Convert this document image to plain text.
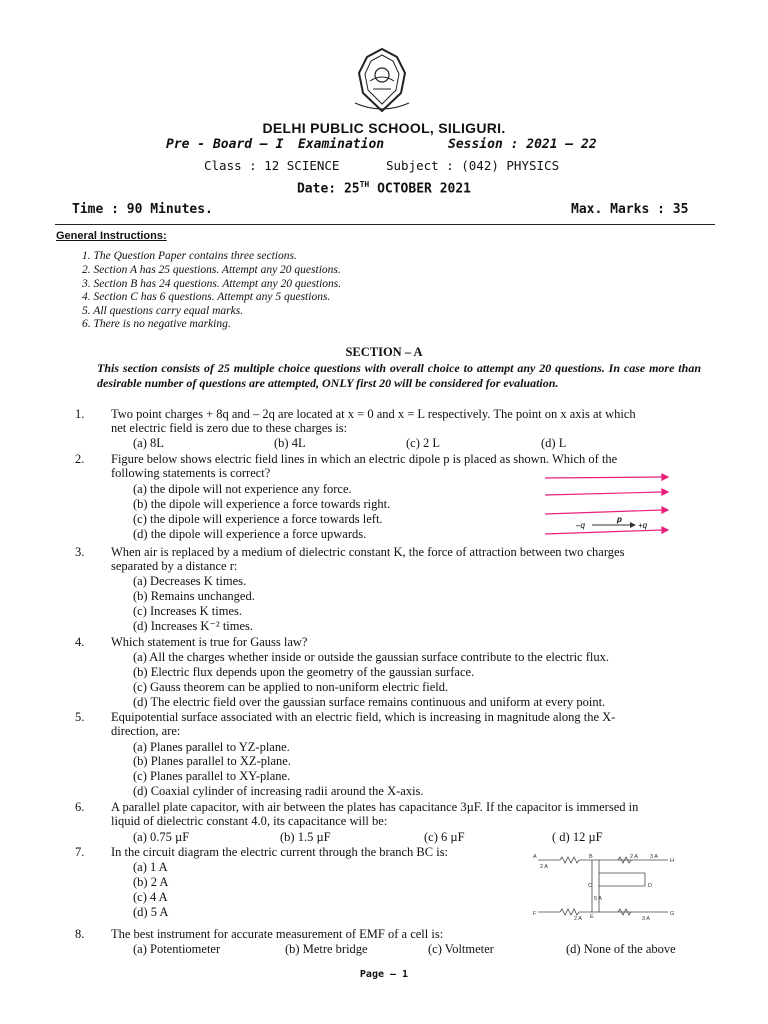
DELHI PUBLIC SCHOOL, SILIGURI.
Pre - Board – I Examination	Session : 2021 – 22
Class : 12 SCIENCE	Subject : (042) PHYSICS
Date: 25TH OCTOBER 2021
Time : 90 Minutes.	Max. Marks : 35
General Instructions:
1. The Question Paper contains three sections.
2. Section A has 25 questions. Attempt any 20 questions.
3. Section B has 24 questions. Attempt any 20 questions.
4. Section C has 6 questions. Attempt any 5 questions.
5. All questions carry equal marks.
6. There is no negative marking.
SECTION – A
This section consists of 25 multiple choice questions with overall choice to attempt any 20 questions. In case more than desirable number of questions are attempted, ONLY first 20 will be considered for evaluation.
1. Two point charges + 8q and – 2q are located at x = 0 and x = L respectively. The point on x axis at which
net electric field is zero due to these charges is:
(a) 8L	(b) 4L	(c) 2 L	(d) L
2. Figure below shows electric field lines in which an electric dipole p is placed as shown. Which of the
following statements is correct?
(a) the dipole will not experience any force.
(b) the dipole will experience a force towards right.
(c) the dipole will experience a force towards left.
(d) the dipole will experience a force upwards.
–q	+q
p
3. When air is replaced by a medium of dielectric constant K, the force of attraction between two charges
separated by a distance r:
(a) Decreases K times.
(b) Remains unchanged.
(c) Increases K times.
(d) Increases K⁻² times.
4. Which statement is true for Gauss law?
(a) All the charges whether inside or outside the gaussian surface contribute to the electric flux.
(b) Electric flux depends upon the geometry of the gaussian surface.
(c) Gauss theorem can be applied to non-uniform electric field.
(d) The electric field over the gaussian surface remains continuous and uniform at every point.
5. Equipotential surface associated with an electric field, which is increasing in magnitude along the X-
direction, are:
(a) Planes parallel to YZ-plane.
(b) Planes parallel to XZ-plane.
(c) Planes parallel to XY-plane.
(d) Coaxial cylinder of increasing radii around the X-axis.
6. A parallel plate capacitor, with air between the plates has capacitance 3µF. If the capacitor is immersed in
liquid of dielectric constant 4.0, its capacitance will be:
(a) 0.75 µF	(b) 1.5 µF	(c) 6 µF	( d) 12 µF
7. In the circuit diagram the electric current through the branch BC is:
(a) 1 A
(b) 2 A
(c) 4 A
(d) 5 A
A	B
H
C	D
F	E	G
2 A
3 A
2 A
5 A
2 A	3 A
8. The best instrument for accurate measurement of EMF of a cell is:
(a) Potentiometer	(b) Metre bridge	(c) Voltmeter	(d) None of the above
Page – 1
